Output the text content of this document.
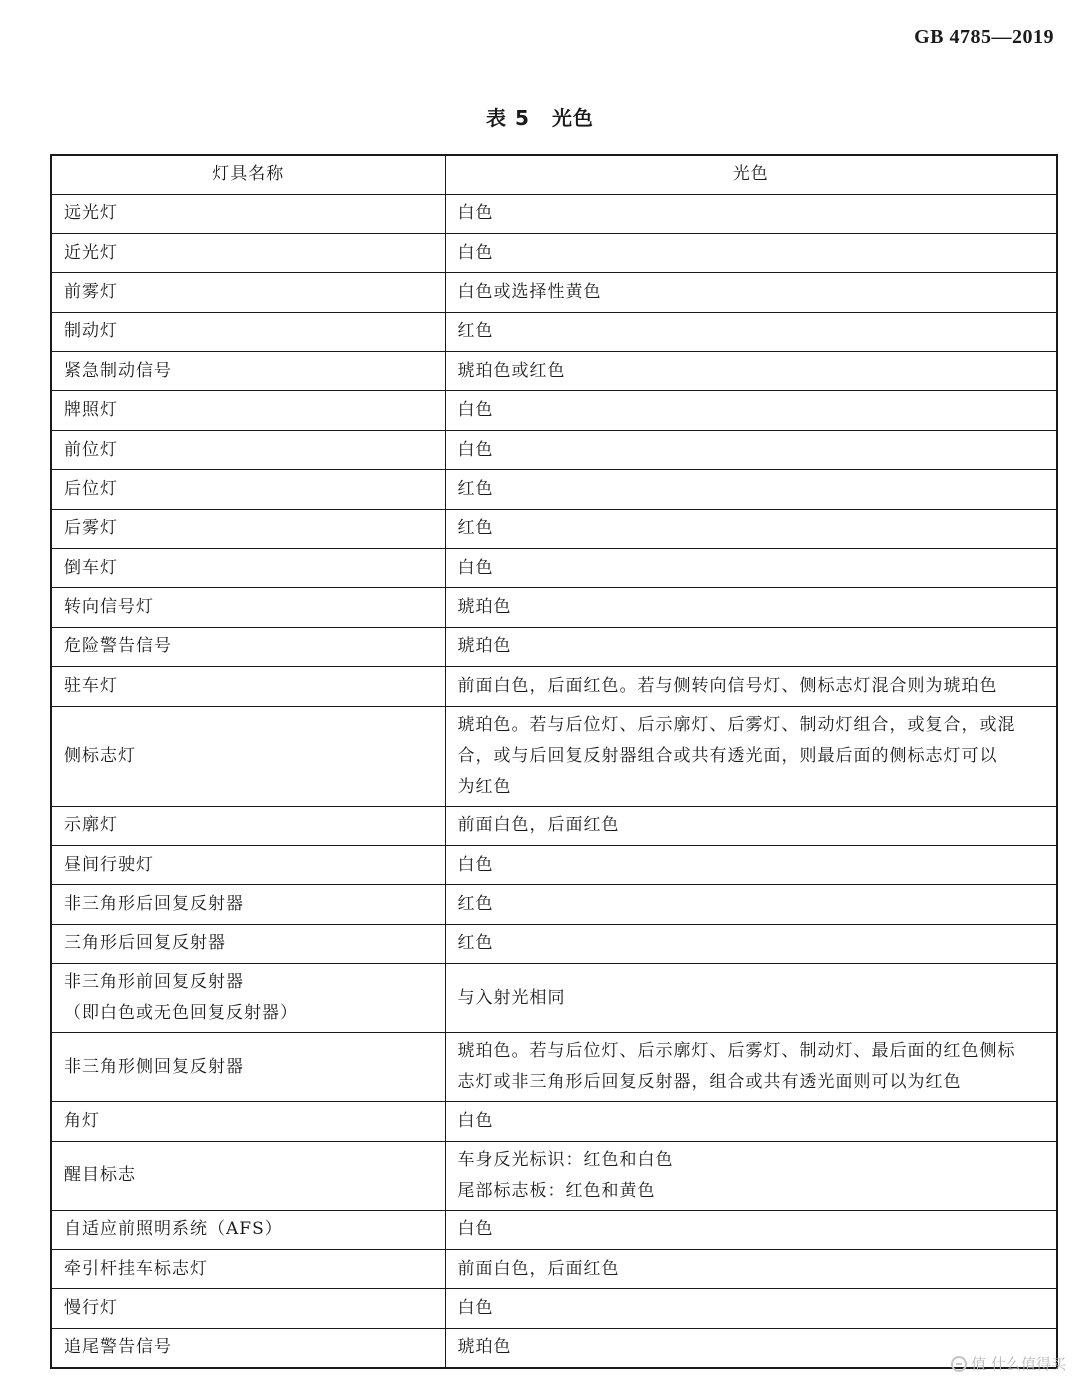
GB 4785—2019
表 5 光色
灯具名称	光色

远光灯	白色

近光灯	白色

前雾灯	白色或选择性黄色

制动灯	红色

紧急制动信号	琥珀色或红色

牌照灯	白色

前位灯	白色

后位灯	红色

后雾灯	红色

倒车灯	白色

转向信号灯	琥珀色

危险警告信号	琥珀色

驻车灯	前面白色，后面红色。若与侧转向信号灯、侧标志灯混合则为琥珀色

侧标志灯	琥珀色。若与后位灯、后示廓灯、后雾灯、制动灯组合，或复合，或混
合，或与后回复反射器组合或共有透光面，则最后面的侧标志灯可以
为红色

示廓灯	前面白色，后面红色

昼间行驶灯	白色

非三角形后回复反射器	红色

三角形后回复反射器	红色

非三角形前回复反射器
（即白色或无色回复反射器）	与入射光相同

非三角形侧回复反射器	琥珀色。若与后位灯、后示廓灯、后雾灯、制动灯、最后面的红色侧标
志灯或非三角形后回复反射器，组合或共有透光面则可以为红色

角灯	白色

醒目标志	车身反光标识：红色和白色
尾部标志板：红色和黄色

自适应前照明系统（AFS）	白色

牵引杆挂车标志灯	前面白色，后面红色

慢行灯	白色

追尾警告信号	琥珀色
值 什么值得买
